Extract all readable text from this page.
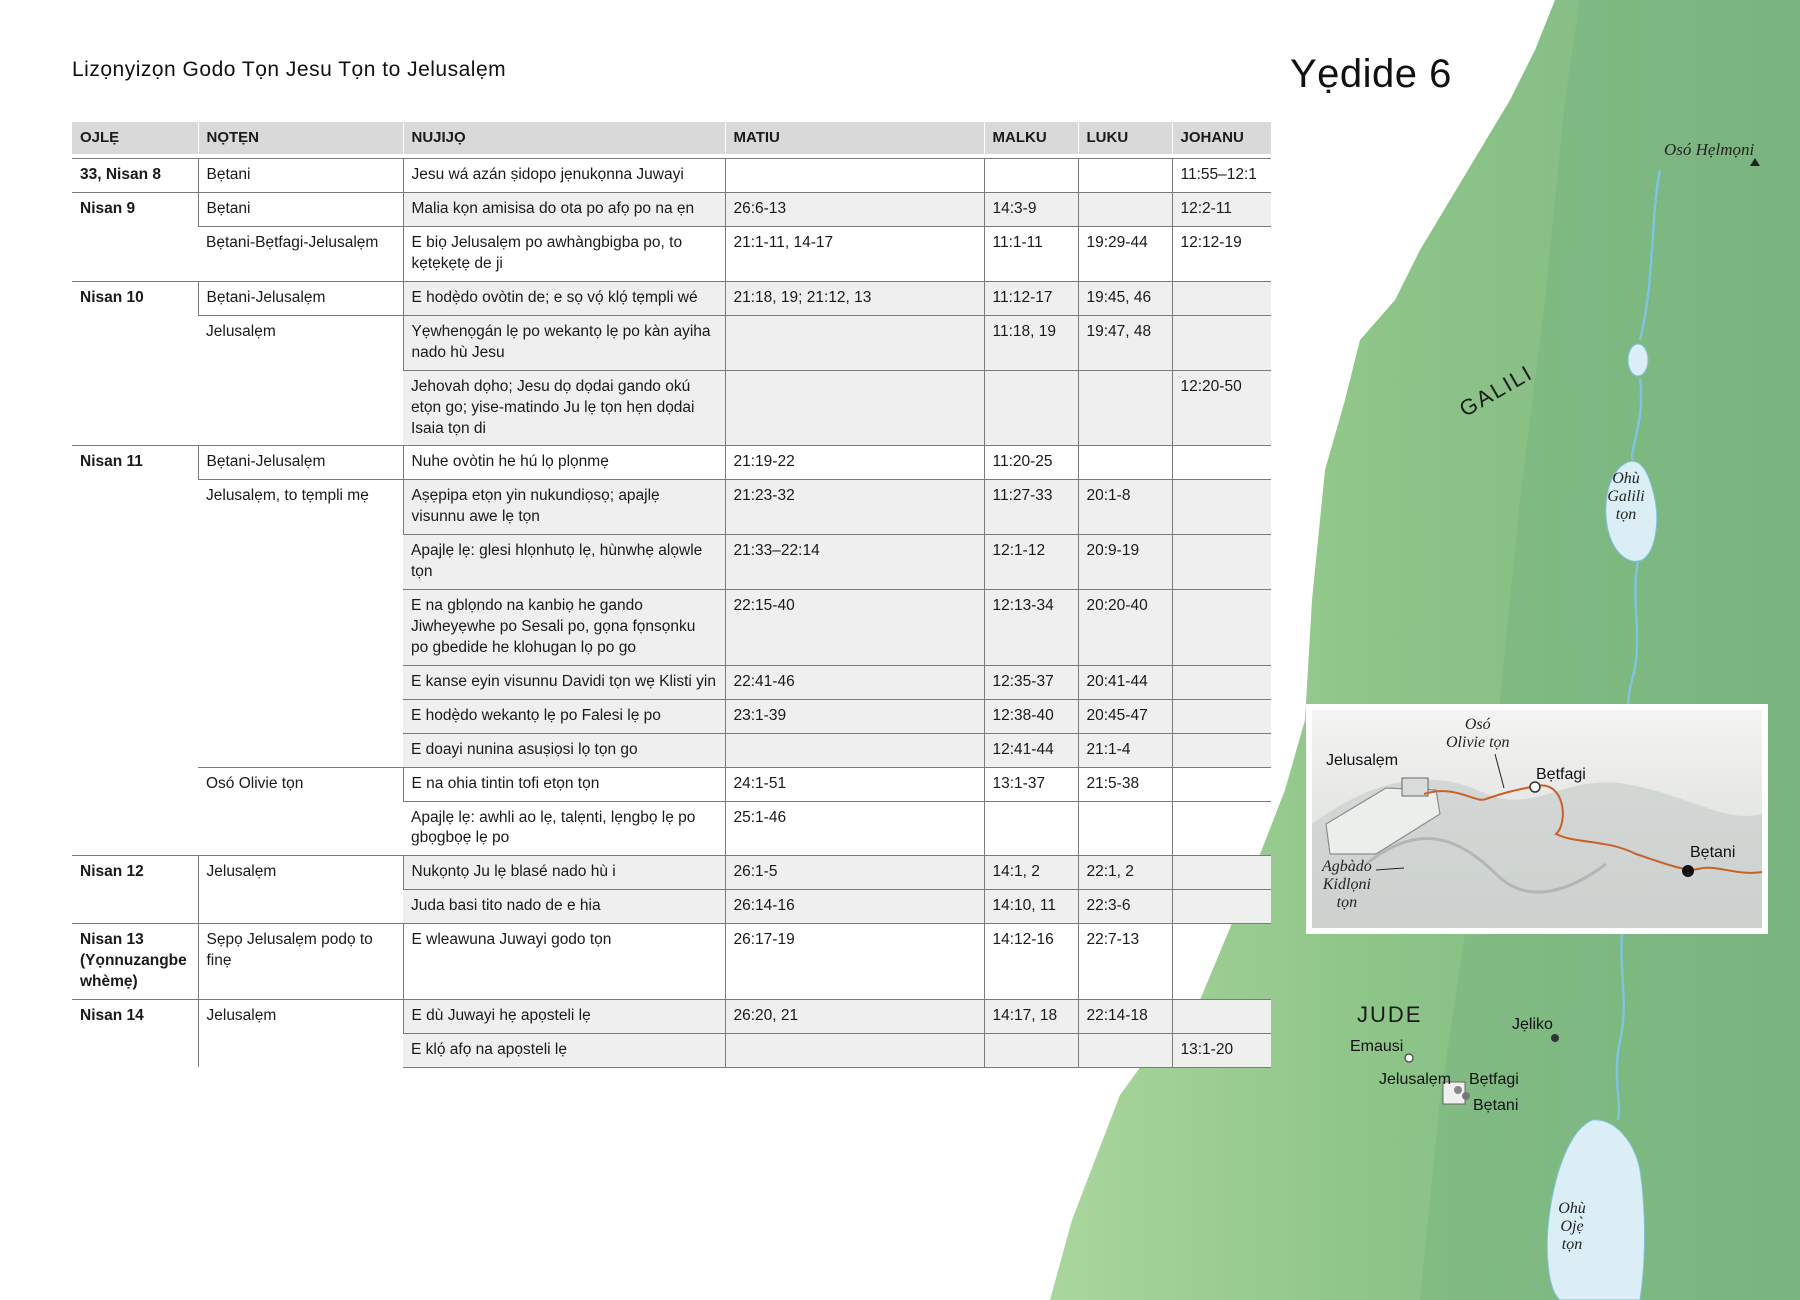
Osó Hẹlmọni
GALILI
Ohù
Galili
tọn
JUDE	Jẹliko
Emausi
Jelusalẹm Bẹtfagi
Bẹtani
Ohù
Ojẹ̀
tọn
Osó
Olivie tọn
Jelusalẹm
Bẹtfagi
Bẹtani
Agbàdo
Kidlọni
tọn
Lizọnyizọn Godo Tọn Jesu Tọn to Jelusalẹm	Yẹdide 6
OJLẸ	NỌTẸN	NUJIJỌ	MATIU	MALKU	LUKU	JOHANU

33, Nisan 8	Bẹtani	Jesu wá azán ṣidopo jẹnukọnna Juwayi				11:55–12:1
Nisan 9	Bẹtani	Malia kọn amisisa do ota po afọ po na ẹn	26:6-13	14:3-9		12:2-11
	Bẹtani-Bẹtfagi-Jelusalẹm	E biọ Jelusalẹm po awhàngbigba po, to kẹtẹkẹtẹ de ji	21:1-11, 14-17	11:1-11	19:29-44	12:12-19
Nisan 10	Bẹtani-Jelusalẹm	E hodẹ̀do ovòtin de; e sọ vọ́ klọ́ tẹmpli wé	21:18, 19; 21:12, 13	11:12-17	19:45, 46	
	Jelusalẹm	Yẹwhenọgán lẹ po wekantọ lẹ po kàn ayiha nado hù Jesu		11:18, 19	19:47, 48	
		Jehovah dọho; Jesu dọ dọdai gando okú etọn go; yise-matindo Ju lẹ tọn hẹn dọdai Isaia tọn di				12:20-50
Nisan 11	Bẹtani-Jelusalẹm	Nuhe ovòtin he hú lọ plọnmẹ	21:19-22	11:20-25		
	Jelusalẹm, to tẹmpli mẹ	Aṣẹpipa etọn yin nukundiọsọ; apajlẹ visunnu awe lẹ tọn	21:23-32	11:27-33	20:1-8	
		Apajlẹ lẹ: glesi hlọnhutọ lẹ, hùnwhẹ alọwle tọn	21:33–22:14	12:1-12	20:9-19	
		E na gblọndo na kanbiọ he gando Jiwheyẹwhe po Sesali po, gọna fọnsọnku po gbedide he klohugan lọ po go	22:15-40	12:13-34	20:20-40	
		E kanse eyin visunnu Davidi tọn wẹ Klisti yin	22:41-46	12:35-37	20:41-44	
		E hodẹ̀do wekantọ lẹ po Falesi lẹ po	23:1-39	12:38-40	20:45-47	
		E doayi nunina asuṣiọsi lọ tọn go		12:41-44	21:1-4	
	Osó Olivie tọn	E na ohia tintin tofi etọn tọn	24:1-51	13:1-37	21:5-38	
		Apajlẹ lẹ: awhli ao lẹ, talẹnti, lẹngbọ lẹ po gbọgbọẹ lẹ po	25:1-46			
Nisan 12	Jelusalẹm	Nukọntọ Ju lẹ blasé nado hù i	26:1-5	14:1, 2	22:1, 2	
		Juda basi tito nado de e hia	26:14-16	14:10, 11	22:3-6	
Nisan 13 (Yọnnuzangbe whèmẹ)	Sẹpọ Jelusalẹm podọ to finẹ	E wleawuna Juwayi godo tọn	26:17-19	14:12-16	22:7-13	
Nisan 14	Jelusalẹm	E dù Juwayi hẹ apọsteli lẹ	26:20, 21	14:17, 18	22:14-18	
		E klọ́ afọ na apọsteli lẹ				13:1-20
